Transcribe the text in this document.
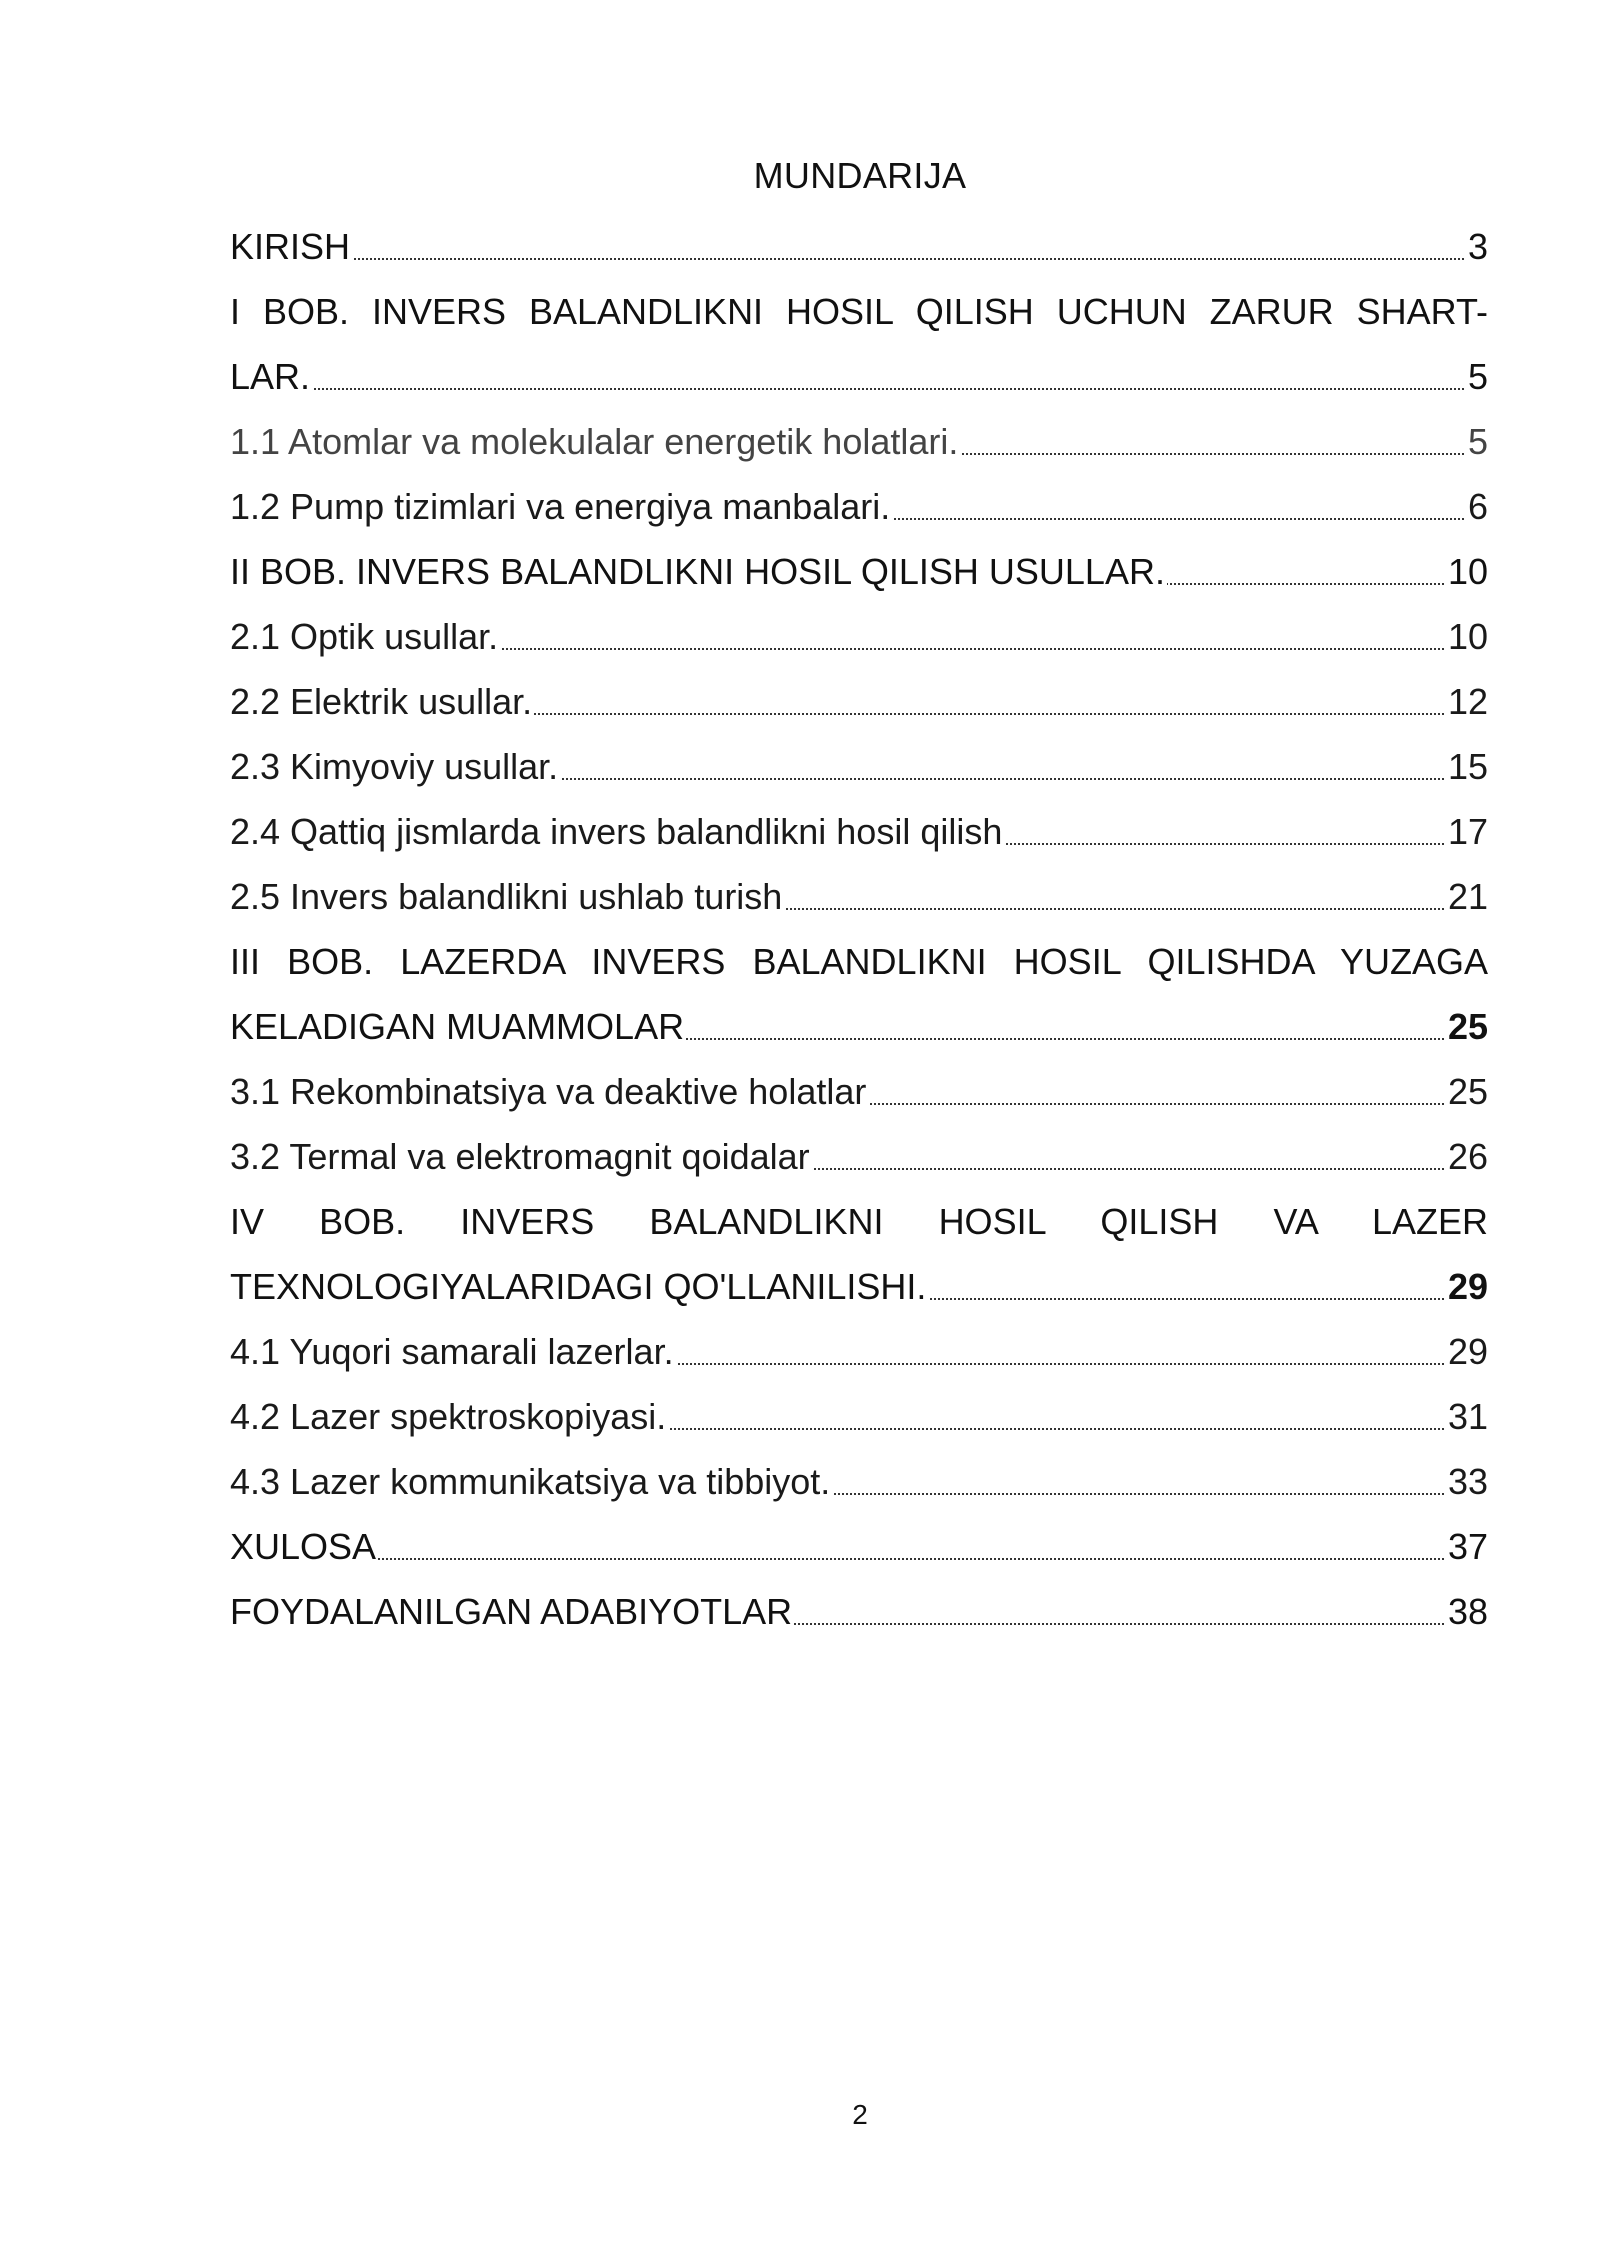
MUNDARIJA
KIRISH	3
I BOB. INVERS BALANDLIKNI HOSIL QILISH UCHUN ZARUR SHART-
LAR.	5
1.1 Atomlar va molekulalar energetik holatlari.	5
1.2 Pump tizimlari va energiya manbalari.	6
II BOB. INVERS BALANDLIKNI HOSIL QILISH USULLAR.	10
2.1 Optik usullar.	10
2.2 Elektrik usullar.	12
2.3 Kimyoviy usullar.	15
2.4 Qattiq jismlarda invers balandlikni hosil qilish	17
2.5 Invers balandlikni ushlab turish	21
III BOB. LAZERDA INVERS BALANDLIKNI HOSIL QILISHDA YUZAGA
KELADIGAN MUAMMOLAR	25
3.1 Rekombinatsiya va deaktive holatlar	25
3.2 Termal va elektromagnit qoidalar	26
IV BOB. INVERS BALANDLIKNI HOSIL QILISH VA LAZER
TEXNOLOGIYALARIDAGI QO'LLANILISHI.	29
4.1 Yuqori samarali lazerlar.	29
4.2 Lazer spektroskopiyasi.	31
4.3 Lazer kommunikatsiya va tibbiyot.	33
XULOSA	37
FOYDALANILGAN ADABIYOTLAR	38
2
